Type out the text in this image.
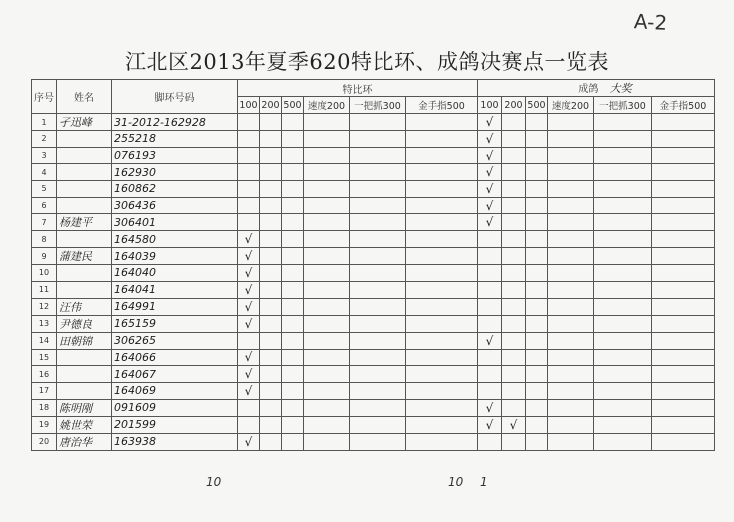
A-2
江北区2013年夏季620特比环、成鸽决赛点一览表
序号	姓名	脚环号码	特比环						成鸽 大奖					
			100	200	500	速度200	一把抓300	金手指500	100	200	500	速度200	一把抓300	金手指500
1	孑迅峰	31-2012-162928							√					
2		255218							√					
3		076193							√					
4		162930							√					
5		160862							√					
6		306436							√					
7	杨建平	306401							√					
8		164580	√											
9	蒲建民	164039	√											
10		164040	√											
11		164041	√											
12	汪伟	164991	√											
13	尹德良	165159	√											
14	田朝锦	306265							√					
15		164066	√											
16		164067	√											
17		164069	√											
18	陈明刚	091609							√					
19	姚世荣	201599							√	√				
20	唐治华	163938	√											
10	10 1
